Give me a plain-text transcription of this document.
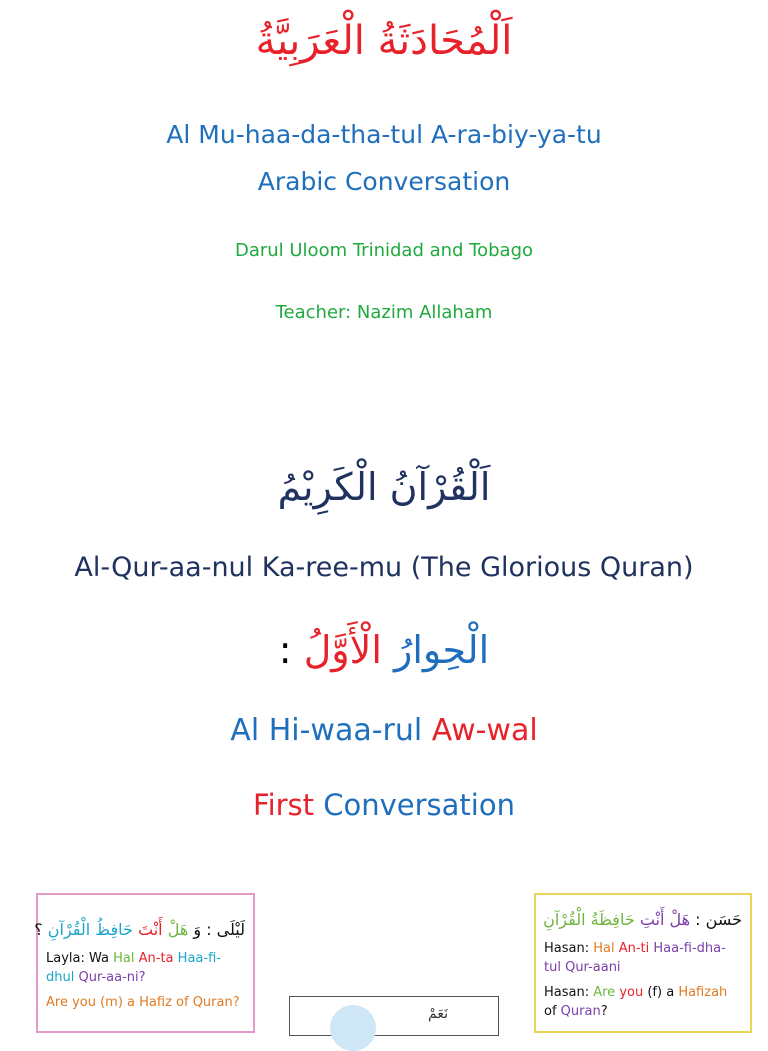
اَلْمُحَادَثَةُ الْعَرَبِيَّةُ
Al Mu-haa-da-tha-tul A-ra-biy-ya-tu
Arabic Conversation
Darul Uloom Trinidad and Tobago
Teacher: Nazim Allaham
اَلْقُرْآنُ الْكَرِيْمُ
Al-Qur-aa-nul Ka-ree-mu (The Glorious Quran)
الْحِوارُ الْأَوَّلُ :
Al Hi-waa-rul Aw-wal
First Conversation
لَيْلَى : وَ هَلْ أَنْتَ حَافِظُ الْقُرْآنِ ؟
Layla: Wa Hal An-ta Haa-fi-dhul Qur-aa-ni?
Are you (m) a Hafiz of Quran?
نَعَمْ
حَسَن : هَلْ أَنْتِ حَافِظَةُ الْقُرْآنِ
Hasan: Hal An-ti Haa-fi-dha-
tul Qur-aani
Hasan: Are you (f) a Hafizah
of Quran?
